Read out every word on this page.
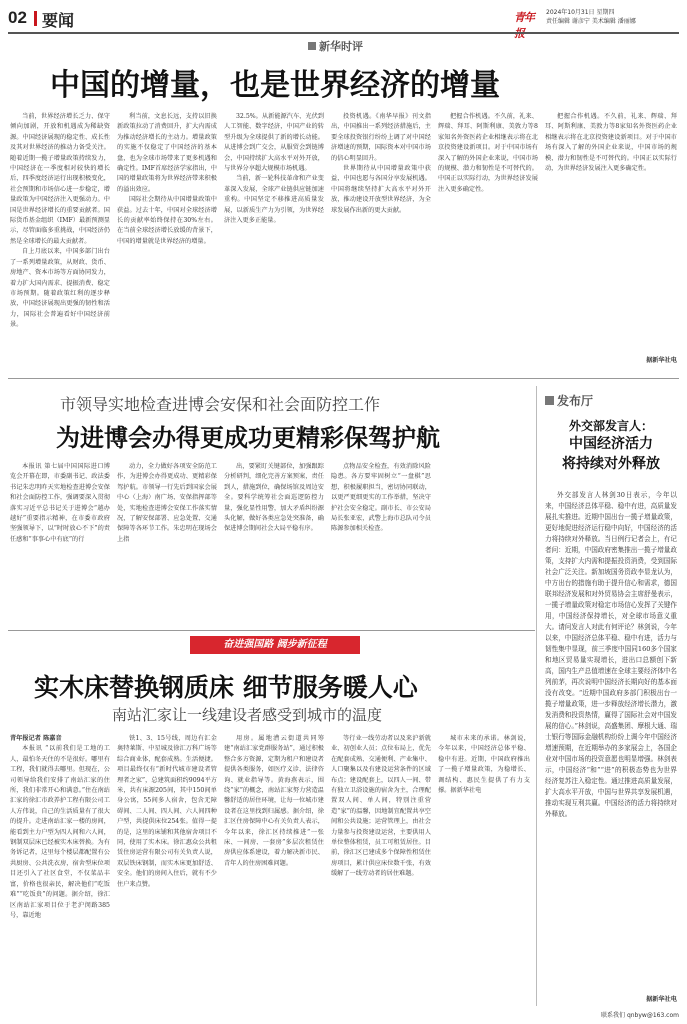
02 要闻	青年	2024年10月31日 星期四
责任编辑 谢彦宁 美术编辑 潘丽娜
新华时评
中国的增量，也是世界经济的增量

当前，世界经济增长乏力、保守倾向加剧，开放和机遇成为稀缺资源。中国经济展现的稳定性、成长性及其对世界经济的推动力备受关注。随着近期一揽子增量政策持续发力，中国经济在一季度相对较快的增长后，四季度经济运行出现积极变化，社会预期和市场信心进一步稳定，增量政策为中国经济注入更强动力。中国是世界经济增长的重要贡献者。国际货币基金组织（IMF）最新预测显示，尽管面临多重挑战，中国经济仍然是全球增长的最大贡献者。

自上月底以来，中国多部门出台了一系列增量政策，从财政、货币、房地产、资本市场等方面协同发力，着力扩大国内需求、提振消费、稳定市场预期。随着政策红利的逐步释放，中国经济展现出更强的韧性和活力，国际社会普遍看好中国经济前景。

利当前，文息长远，支持以旧换新政策拉动了消费回升，扩大内需成为推动经济增长的主动力。增量政策的实施不仅稳定了中国经济的基本盘，也为全球市场带来了更多机遇和确定性。IMF首席经济学家指出，中国的增量政策将为世界经济带来积极的溢出效应。

国际社会期待从中国增量政策中获益。过去十年，中国对全球经济增长的贡献率始终保持在30%左右。在当前全球经济增长放缓的背景下，中国的增量就是世界经济的增量。

32.5%。从新能源汽车、光伏到人工智能、数字经济，中国产业的转型升级为全球提供了新的增长动能。从进博会到广交会，从服贸会到链博会，中国持续扩大高水平对外开放，与世界分享超大规模市场机遇。

当前，新一轮科技革命和产业变革深入发展，全球产业链供应链加速重构。中国坚定不移推进高质量发展，以新质生产力为引领，为世界经济注入更多正能量。

投资机遇。《南华早报》刊文指出，中国推出一系列经济措施后，主要全球投资银行纷纷上调了对中国经济增速的预期，国际资本对中国市场的信心明显回升。

世界期待从中国增量政策中获益，中国也愿与各国分享发展机遇。中国将继续坚持扩大高水平对外开放，推动建设开放型世界经济，为全球发展作出新的更大贡献。

把握合作机遇。不久前，礼来、辉瑞、拜耳、阿斯利康、美敦力等8家知名外资医药企业相继表示将在北京投资建设新项目。对于中国市场有深入了解的外国企业来说，中国市场的规模、潜力和韧性是不可替代的。中国正以实际行动，为世界经济发展注入更多确定性。

把握合作机遇。不久前，礼来、辉瑞、拜耳、阿斯利康、美敦力等8家知名外资医药企业相继表示将在北京投资建设新项目。对于中国市场有深入了解的外国企业来说，中国市场的规模、潜力和韧性是不可替代的。中国正以实际行动，为世界经济发展注入更多确定性。

据新华社电

市领导实地检查进博会安保和社会面防控工作
为进博会办得更成功更精彩保驾护航

本报讯 第七届中国国际进口博览会开幕在即，市委副书记、政法委书记朱忠明昨天实地检查进博会安保和社会面防控工作，强调要深入贯彻落实习近平总书记关于进博会“越办越好”重要指示精神，在市委市政府坚强领导下，以“时时放心不下”的责任感和“事事心中有底”的行

动力，全力做好各项安全防范工作，为进博会办得更成功、更精彩保驾护航。市领导一行先后到国家会展中心（上海）南广场、安保指挥部等处，实地检查进博会安保工作落实情况，了解安保部署、应急处置、交通保障等各环节工作。朱忠明在现场会上指

出，要紧盯关键部位，加强跟踪分析研判，细化完善方案预案，责任到人，措施到位，确保场馆及周边安全。要科学统筹社会面巡逻防控力量，强化显性用警，加大矛盾纠纷源头化解，做好各类应急处突准备，确保进博会期间社会大局平稳有序。

点物品安全检查，有效消除风险隐患。各方要牢固树立“一盘棋”思想，积极履职担当，密切协同联动，以更严更细更实的工作举措，坚决守护社会安全稳定。副市长、市公安局局长张亚宏，武警上海市总队司令员陈源参加相关检查。

发布厅
外交部发言人：
中国经济活力
将持续对外释放

外交部发言人林剑30日表示，今年以来，中国经济总体平稳、稳中有进，高质量发展扎实推进。近期中国出台一揽子增量政策，更好地促进经济运行稳中向好，中国经济的活力将持续对外释放。当日例行记者会上，有记者问：近期，中国政府密集推出一揽子增量政策，支持扩大内需和提振投资消费，受到国际社会广泛关注。新加坡国务资政李显龙认为，中方出台的措施有助于提升信心和需求，德国联邦经济发展和对外贸易协会主席舒曼表示，一揽子增量政策对稳定市场信心发挥了关键作用，中国经济保持增长，对全球市场意义重大。请问发言人对此有何评论？林剑说，今年以来，中国经济总体平稳、稳中有进，活力与韧性集中显现，前三季度中国同160多个国家和地区贸易量实现增长，进出口总额创下新高，国内生产总值增速在全球主要经济体中名列前茅，再次说明中国经济长期向好的基本面没有改变。“近期中国政府多部门积极出台一揽子增量政策，进一步释放经济增长潜力，激发消费和投资热情，赢得了国际社会对中国发展的信心。”林剑说，高盛集团、摩根大通、瑞士银行等国际金融机构纷纷上调今年中国经济增速预期，在近期举办的多家展会上，各国企业对中国市场的投资意愿也明显增强。林剑表示，中国经济“和”“进”的积极态势也为世界经济复苏注入稳定性。通过推进高质量发展，扩大高水平开放，中国与世界共享发展机遇，推动实现互利共赢。中国经济的活力将持续对外释放。

据新华社电

奋进强国路 阔步新征程
实木床替换钢质床 细节服务暖人心
南站汇家让一线建设者感受到城市的温度

青年报记者 陈嘉音

本报讯 “以前我们是工地的工人，最怕冬天住的不是很好。哪里有工程，我们就得去哪里。但现在，公司领导给我们安排了南站汇家的住所，我们非常开心和满意。”住在南站汇家的徐汇市政养护工程有限公司工人方伟说，自己的生活质量有了很大的提升。走进南站汇家一楼的房间，能看到主力户型为四人间和六人间，钢制双层床已经被实木床替换。为有务诉记者，这里每个楼层都配置有公共厨房、公共洗衣房，宿舍型床位项目还引入了社区食堂，不仅菜品丰富，价格也很亲民，解决他们“吃饭难”“吃饭贵”的问题。据介绍，徐汇区南站汇家项目位于老沪闵路385号，靠近地

铁1、3、15号线，周边有汇金奥特莱斯、中星城及徐汇万科广场等综合商业体，配套成熟。生活便捷。项目最终仅有“新时代城市建设者管理者之家”，总建筑面积约9094平方米，共有床源205间，其中150间单身公寓，55间多人宿舍，包含无障碍间、二人间、四人间、六人间四种户型，共提供床位254张。值得一提的是，这里的床铺和其他宿舍项目不同，使用了实木床。徐汇惠众公共租赁住房运营有限公司有关负责人说，双层铁床钢制，而实木床更加舒适、安全。他们的房间入住后，就有不少住户来点赞。

用房。属地漕云街道共同筹建“南站汇家党群服务站”，通过积极整合多方资源，定期为租户和建设者提供各类服务，如医疗义诊、法律咨询、就业指导等。黄海燕表示，围绕“家”的概念，南站汇家努力营造温馨舒适的居住环境，让每一位城市建设者在这里找到归属感。据介绍，徐汇区住房保障中心有关负责人表示，今年以来，徐汇区持续推进“一张床、一间房、一套房”多层次租赁住房供应体系建设，着力解决新市民、青年人的住房困难问题。

等行业一线劳动者以及来沪新就业、初创业人员；点位布局上，优先在配套成熟、交通便利、产业集中、人口聚集以及有建设运营条件的区域布点；建设配套上，以四人一间、带有独立卫浴设施的宿舍为主，合理配置双人间、单人间，特别注重营造“家”的温馨，因地制宜配置共享空间和公共设施；运营管理上，由社会力量参与投资建设运营，主要供用人单位整体租赁，员工可租赁居住。目前，徐汇区已建成多个保障性租赁住房项目，累计供应床位数千张，有效缓解了一线劳动者的居住难题。

城市未来的承诺。林剑说，今年以来，中国经济总体平稳、稳中有进。近期，中国政府推出了一揽子增量政策，为稳增长、调结构、惠民生提供了有力支撑。据新华社电

联系我们 qnbyw@163.com
